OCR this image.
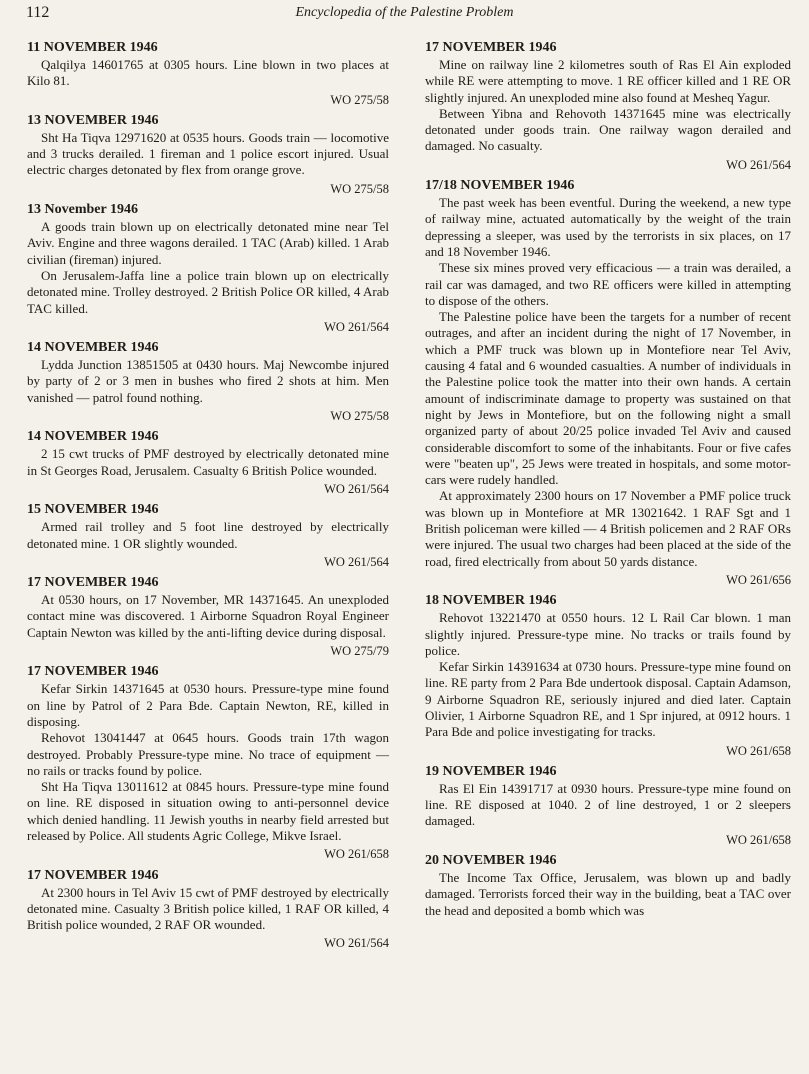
112	Encyclopedia of the Palestine Problem
11 NOVEMBER 1946

Qalqilya 14601765 at 0305 hours. Line blown in two places at Kilo 81.

WO 275/58
13 NOVEMBER 1946

Sht Ha Tiqva 12971620 at 0535 hours. Goods train — locomotive and 3 trucks derailed. 1 fireman and 1 police escort injured. Usual electric charges detonated by flex from orange grove.

WO 275/58
13 November 1946

A goods train blown up on electrically detonated mine near Tel Aviv. Engine and three wagons derailed. 1 TAC (Arab) killed. 1 Arab civilian (fireman) injured.

On Jerusalem-Jaffa line a police train blown up on electrically detonated mine. Trolley destroyed. 2 British Police OR killed, 4 Arab TAC killed.

WO 261/564
14 NOVEMBER 1946

Lydda Junction 13851505 at 0430 hours. Maj Newcombe injured by party of 2 or 3 men in bushes who fired 2 shots at him. Men vanished — patrol found nothing.

WO 275/58
14 NOVEMBER 1946

2 15 cwt trucks of PMF destroyed by electrically detonated mine in St Georges Road, Jerusalem. Casualty 6 British Police wounded.

WO 261/564
15 NOVEMBER 1946

Armed rail trolley and 5 foot line destroyed by electrically detonated mine. 1 OR slightly wounded.

WO 261/564
17 NOVEMBER 1946

At 0530 hours, on 17 November, MR 14371645. An unexploded contact mine was discovered. 1 Airborne Squadron Royal Engineer Captain Newton was killed by the anti-lifting device during disposal.

WO 275/79
17 NOVEMBER 1946

Kefar Sirkin 14371645 at 0530 hours. Pressure-type mine found on line by Patrol of 2 Para Bde. Captain Newton, RE, killed in disposing.

Rehovot 13041447 at 0645 hours. Goods train 17th wagon destroyed. Probably Pressure-type mine. No trace of equipment — no rails or tracks found by police.

Sht Ha Tiqva 13011612 at 0845 hours. Pressure-type mine found on line. RE disposed in situation owing to anti-personnel device which denied handling. 11 Jewish youths in nearby field arrested but released by Police. All students Agric College, Mikve Israel.

WO 261/658
17 NOVEMBER 1946

At 2300 hours in Tel Aviv 15 cwt of PMF destroyed by electrically detonated mine. Casualty 3 British police killed, 1 RAF OR killed, 4 British police wounded, 2 RAF OR wounded.

WO 261/564
17 NOVEMBER 1946

Mine on railway line 2 kilometres south of Ras El Ain exploded while RE were attempting to move. 1 RE officer killed and 1 RE OR slightly injured. An unexploded mine also found at Mesheq Yagur.

Between Yibna and Rehovoth 14371645 mine was electrically detonated under goods train. One railway wagon derailed and damaged. No casualty.

WO 261/564
17/18 NOVEMBER 1946

The past week has been eventful. During the weekend, a new type of railway mine, actuated automatically by the weight of the train depressing a sleeper, was used by the terrorists in six places, on 17 and 18 November 1946.

These six mines proved very efficacious — a train was derailed, a rail car was damaged, and two RE officers were killed in attempting to dispose of the others.

The Palestine police have been the targets for a number of recent outrages, and after an incident during the night of 17 November, in which a PMF truck was blown up in Montefiore near Tel Aviv, causing 4 fatal and 6 wounded casualties. A number of individuals in the Palestine police took the matter into their own hands. A certain amount of indiscriminate damage to property was sustained on that night by Jews in Montefiore, but on the following night a small organized party of about 20/25 police invaded Tel Aviv and caused considerable discomfort to some of the inhabitants. Four or five cafes were "beaten up", 25 Jews were treated in hospitals, and some motor-cars were rudely handled.

At approximately 2300 hours on 17 November a PMF police truck was blown up in Montefiore at MR 13021642. 1 RAF Sgt and 1 British policeman were killed — 4 British policemen and 2 RAF ORs were injured. The usual two charges had been placed at the side of the road, fired electrically from about 50 yards distance.

WO 261/656
18 NOVEMBER 1946

Rehovot 13221470 at 0550 hours. 12 L Rail Car blown. 1 man slightly injured. Pressure-type mine. No tracks or trails found by police.

Kefar Sirkin 14391634 at 0730 hours. Pressure-type mine found on line. RE party from 2 Para Bde undertook disposal. Captain Adamson, 9 Airborne Squadron RE, seriously injured and died later. Captain Olivier, 1 Airborne Squadron RE, and 1 Spr injured, at 0912 hours. 1 Para Bde and police investigating for tracks.

WO 261/658
19 NOVEMBER 1946

Ras El Ein 14391717 at 0930 hours. Pressure-type mine found on line. RE disposed at 1040. 2 of line destroyed, 1 or 2 sleepers damaged.

WO 261/658
20 NOVEMBER 1946

The Income Tax Office, Jerusalem, was blown up and badly damaged. Terrorists forced their way in the building, beat a TAC over the head and deposited a bomb which was
